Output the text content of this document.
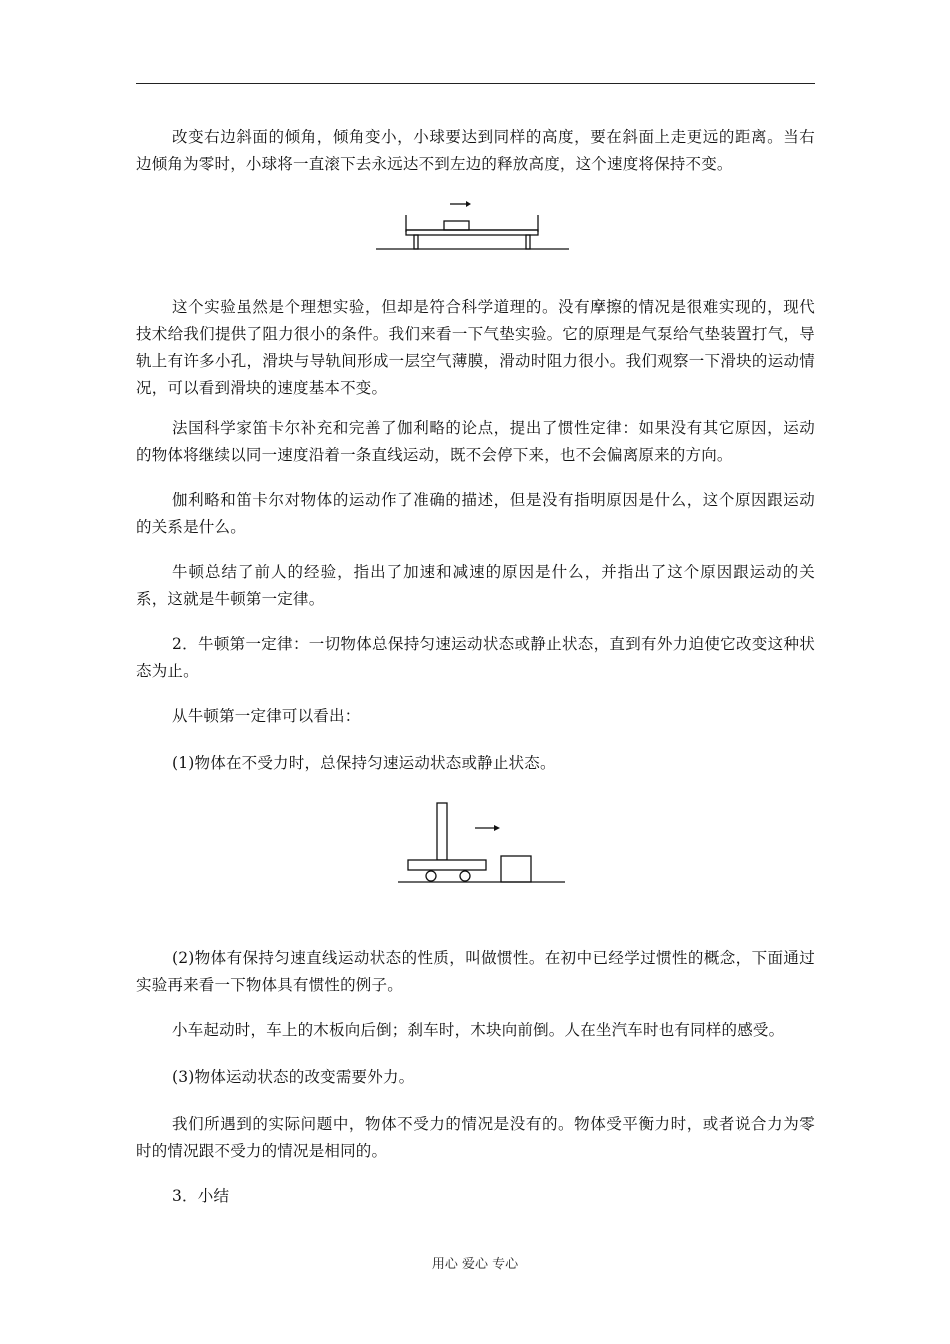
改变右边斜面的倾角，倾角变小，小球要达到同样的高度，要在斜面上走更远的距离。当右边倾角为零时，小球将一直滚下去永远达不到左边的释放高度，这个速度将保持不变。

这个实验虽然是个理想实验，但却是符合科学道理的。没有摩擦的情况是很难实现的，现代技术给我们提供了阻力很小的条件。我们来看一下气垫实验。它的原理是气泵给气垫装置打气，导轨上有许多小孔，滑块与导轨间形成一层空气薄膜，滑动时阻力很小。我们观察一下滑块的运动情况，可以看到滑块的速度基本不变。

法国科学家笛卡尔补充和完善了伽利略的论点，提出了惯性定律：如果没有其它原因，运动的物体将继续以同一速度沿着一条直线运动，既不会停下来，也不会偏离原来的方向。

伽利略和笛卡尔对物体的运动作了准确的描述，但是没有指明原因是什么，这个原因跟运动的关系是什么。

牛顿总结了前人的经验，指出了加速和减速的原因是什么，并指出了这个原因跟运动的关系，这就是牛顿第一定律。

2．牛顿第一定律：一切物体总保持匀速运动状态或静止状态，直到有外力迫使它改变这种状态为止。

从牛顿第一定律可以看出：

(1)物体在不受力时，总保持匀速运动状态或静止状态。

(2)物体有保持匀速直线运动状态的性质，叫做惯性。在初中已经学过惯性的概念，下面通过实验再来看一下物体具有惯性的例子。

小车起动时，车上的木板向后倒；刹车时，木块向前倒。人在坐汽车时也有同样的感受。

(3)物体运动状态的改变需要外力。

我们所遇到的实际问题中，物体不受力的情况是没有的。物体受平衡力时，或者说合力为零时的情况跟不受力的情况是相同的。

3．小结

用心 爱心 专心
